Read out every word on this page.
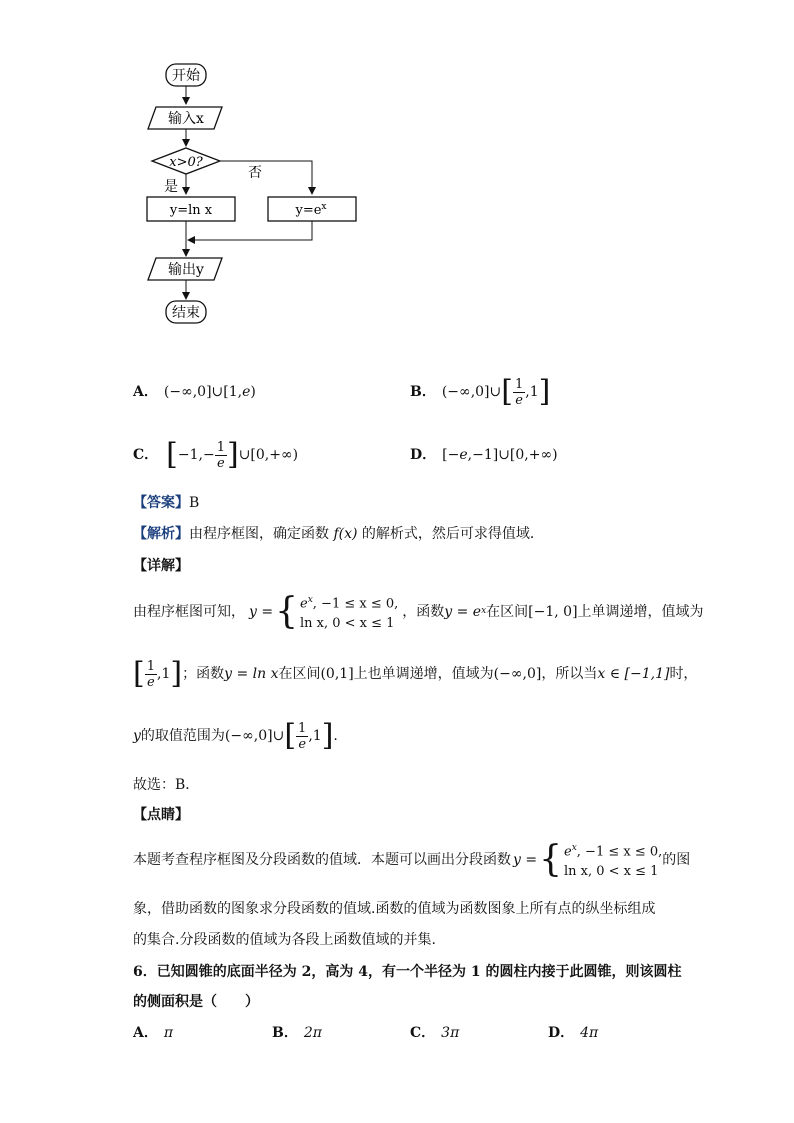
开始
输入x
x>0?
否
是
y=ln x	$y=e^x$
输出y
结束
A． (−∞,0]∪[1,e)	B． (−∞,0]∪ [ 1
e ,1 ]
C． [ $-1,- \frac{1}{e}$ ] ∪[0,+∞)	D． [−e,−1]∪[0,+∞)
【答案】B
【解析】由程序框图，确定函数 f(x) 的解析式，然后可求得值域．
【详解】
由程序框图可知， y = { $e^x$, −1 ≤ x ≤ 0,
ln x, 0 < x ≤ 1
，函数 y = e x 在区间 [−1, 0] 上单调递增，值域为
[ 1
e ,1 ] ；函数 y = ln x 在区间 (0,1] 上也单调递增，值域为 (−∞,0] ，所以当 x ∈ [−1,1] 时，
y 的取值范围为 (−∞,0]∪ [ 1
e ,1 ] .
故选：B．
【点睛】
本题考查程序框图及分段函数的值域．本题可以画出分段函数 y = { $e^x$, −1 ≤ x ≤ 0,
ln x, 0 < x ≤ 1
的图
象，借助函数的图象求分段函数的值域.函数的值域为函数图象上所有点的纵坐标组成
的集合.分段函数的值域为各段上函数值域的并集.
6．已知圆锥的底面半径为 2，高为 4，有一个半径为 1 的圆柱内接于此圆锥，则该圆柱
的侧面积是（　　）
A． π	B． 2π	C． 3π	D． 4π
